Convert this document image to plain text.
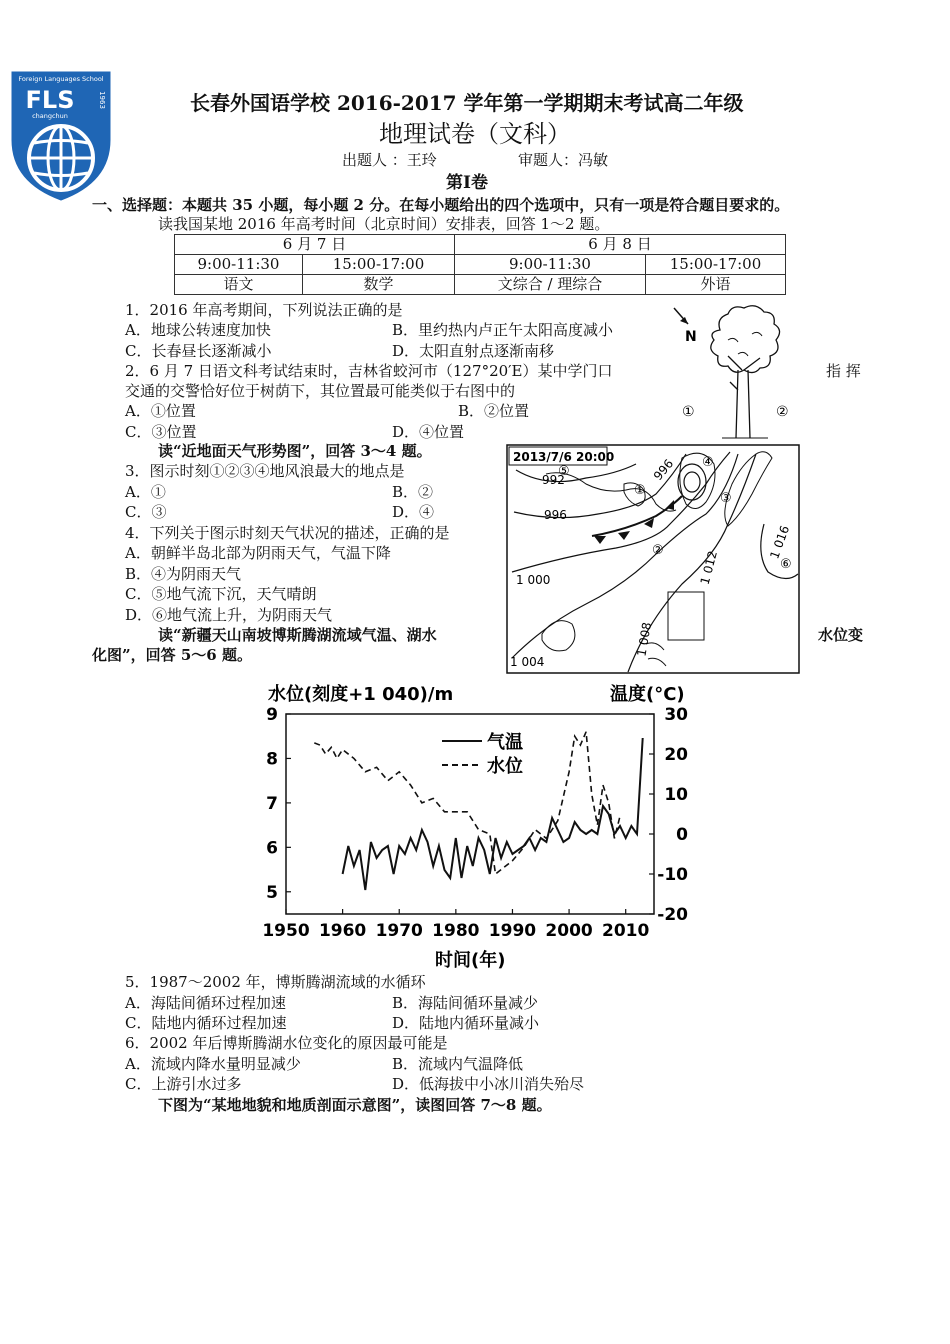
Foreign Languages School
FLS
changchun
1963	长春外国语学校 2016-2017 学年第一学期期末考试高二年级
地理试卷（文科）
出题人 ：王玲	审题人：冯敏
第Ⅰ卷
一、选择题：本题共 35 小题，每小题 2 分。在每小题给出的四个选项中，只有一项是符合题目要求的。
读我国某地 2016 年高考时间（北京时间）安排表，回答 1～2 题。
6 月 7 日		6 月 8 日	
9:00-11:30	15:00-17:00	9:00-11:30	15:00-17:00
语文	数学	文综合 / 理综合	外语
1．2016 年高考期间，下列说法正确的是
A．地球公转速度加快	B．里约热内卢正午太阳高度减小
C．长春昼长逐渐减小	D．太阳直射点逐渐南移
2．6 月 7 日语文科考试结束时，吉林省蛟河市（127°20′E）某中学门口	指 挥
交通的交警恰好位于树荫下，其位置最可能类似于右图中的
A．①位置	B．②位置
C．③位置	D．④位置
N
①	②
读“近地面天气形势图”，回答 3～4 题。
3．图示时刻①②③④地风浪最大的地点是
A．①	B．②
C．③	D．④
4．下列关于图示时刻天气状况的描述，正确的是
A．朝鲜半岛北部为阴雨天气，气温下降
B．④为阴雨天气
C．⑤地气流下沉，天气晴朗
D．⑥地气流上升，为阴雨天气
2013/7/6 20:00
992
996
996
1 000
1 004
1 008
1 012
1 016
①
②
③
④
⑤
⑥
读“新疆天山南坡博斯腾湖流域气温、湖水	水位变
化图”，回答 5～6 题。
水位(刻度+1 040)/m	温度(°C)
1950 1960 1970 1980 1990 2000 2010
9
8
7
6
5
30
20
10
0
-10
-20
气温
水位
时间(年)
5．1987～2002 年，博斯腾湖流域的水循环
A．海陆间循环过程加速	B．海陆间循环量减少
C．陆地内循环过程加速	D．陆地内循环量减小
6．2002 年后博斯腾湖水位变化的原因最可能是
A．流域内降水量明显减少	B．流域内气温降低
C．上游引水过多	D．低海拔中小冰川消失殆尽
下图为“某地地貌和地质剖面示意图”，读图回答 7～8 题。
